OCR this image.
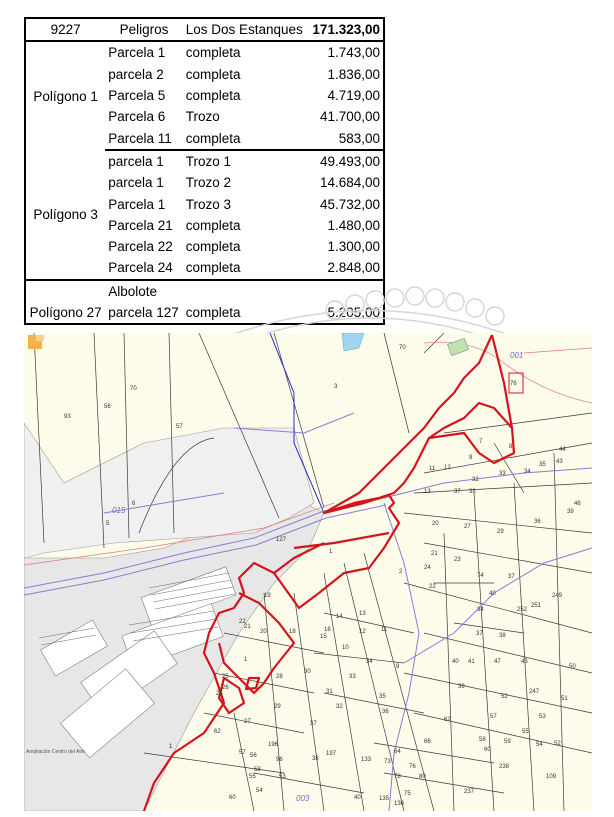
9227	Peligros	Los Dos Estanques	171.323,00
Polígono 1	Parcela 1	completa	1.743,00
	parcela 2	completa	1.836,00
	Parcela 5	completa	4.719,00
	Parcela 6	Trozo	41.700,00
	Parcela 11	completa	583,00
Polígono 3	parcela 1	Trozo 1	49.493,00
	parcela 1	Trozo 2	14.684,00
	Parcela 1	Trozo 3	45.732,00
	Parcela 21	completa	1.480,00
	Parcela 22	completa	1.300,00
	Parcela 24	completa	2.848,00
	Albolote		
Polígono 27	parcela 127	completa	5.205,00
001
015
003
Ampliación Centro del Aire
93
56
70
57
5
6
3
70
1
2
127
19
20	18
1
1
25
26
28
27
29
30
31
32
33
34
35
36
37
38
14	13
12	11
10
9
15
16
7
8
9
11 12
33
32
35
34
44
43
46
36
39
37 38
13
20	27
29
21
23
24
22
74	37
40
34	252
251
249
37	38
41	47	43
40
247
50
52
53
51
39
62	57
55
54 52
59
58
60
66
64
133 73
76
78	80
75	237
238
109
135
136
40
196
197
96
56
57
58
53
55
54
60
62
76
21
22
25
